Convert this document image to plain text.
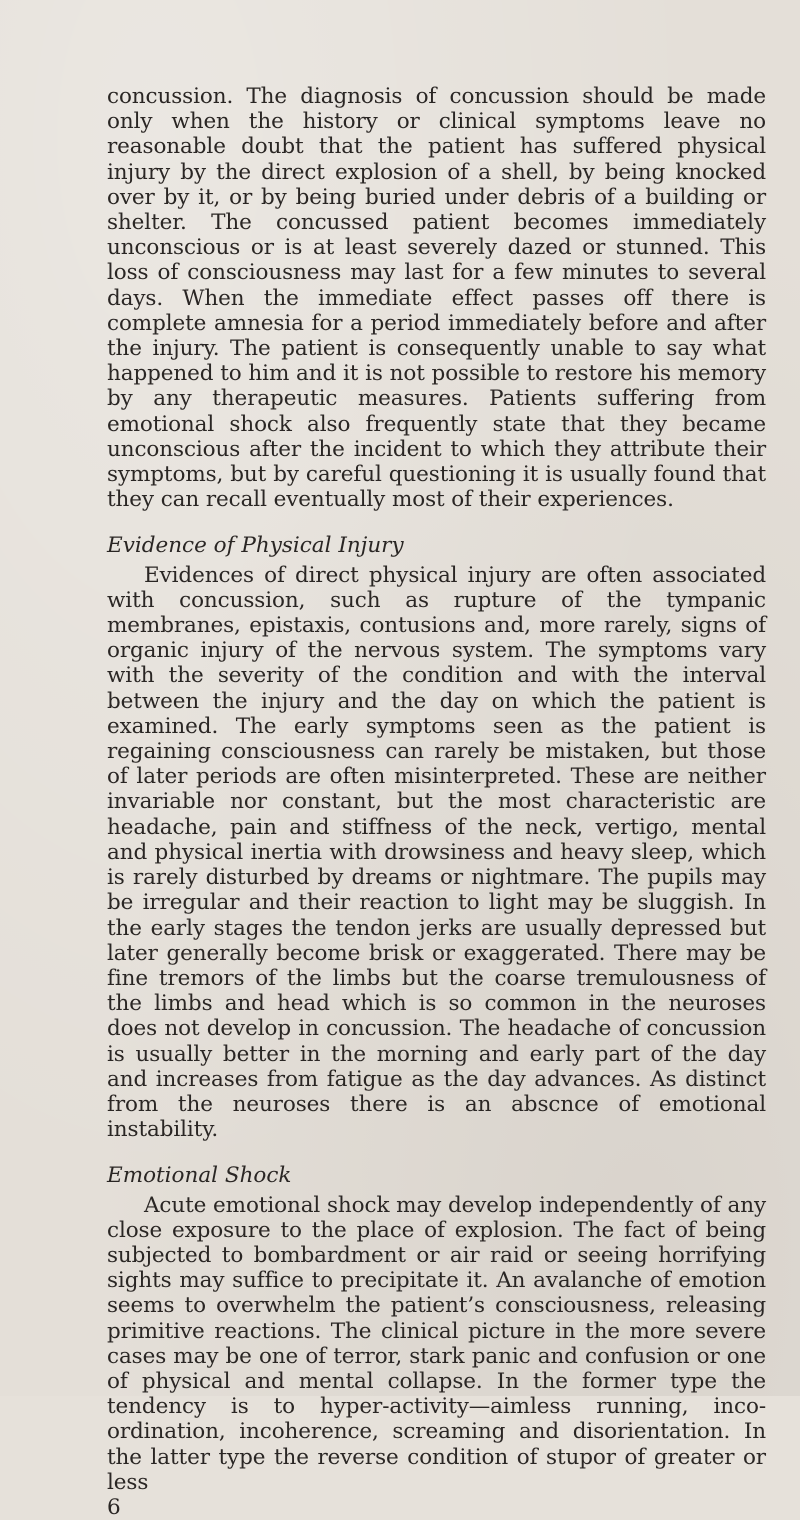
concussion. The diagnosis of concussion should be made only when the history or clinical symptoms leave no reasonable doubt that the patient has suffered physical injury by the direct explosion of a shell, by being knocked over by it, or by being buried under debris of a building or shelter. The concussed patient becomes immediately unconscious or is at least severely dazed or stunned. This loss of consciousness may last for a few minutes to several days. When the immediate effect passes off there is complete amnesia for a period immediately before and after the injury. The patient is consequently unable to say what happened to him and it is not possible to restore his memory by any therapeutic measures. Patients suffering from emotional shock also frequently state that they became unconscious after the incident to which they attribute their symptoms, but by careful questioning it is usually found that they can recall eventually most of their experiences.

Evidence of Physical Injury

Evidences of direct physical injury are often associated with concussion, such as rupture of the tympanic membranes, epistaxis, contusions and, more rarely, signs of organic injury of the nervous system. The symptoms vary with the severity of the condition and with the interval between the injury and the day on which the patient is examined. The early symptoms seen as the patient is regaining consciousness can rarely be mistaken, but those of later periods are often misinterpreted. These are neither invariable nor constant, but the most characteristic are headache, pain and stiffness of the neck, vertigo, mental and physical inertia with drowsiness and heavy sleep, which is rarely disturbed by dreams or nightmare. The pupils may be irregular and their reaction to light may be sluggish. In the early stages the tendon jerks are usually depressed but later generally become brisk or exaggerated. There may be fine tremors of the limbs but the coarse tremulousness of the limbs and head which is so common in the neuroses does not develop in concussion. The headache of concussion is usually better in the morning and early part of the day and increases from fatigue as the day advances. As distinct from the neuroses there is an abscnce of emotional instability.

Emotional Shock

Acute emotional shock may develop independently of any close exposure to the place of explosion. The fact of being subjected to bombardment or air raid or seeing horrifying sights may suffice to precipitate it. An avalanche of emotion seems to overwhelm the patient’s consciousness, releasing primitive reactions. The clinical picture in the more severe cases may be one of terror, stark panic and confusion or one of physical and mental collapse. In the former type the tendency is to hyper-activity—aimless running, inco-ordination, incoherence, screaming and disorientation. In the latter type the reverse condition of stupor of greater or less

6
